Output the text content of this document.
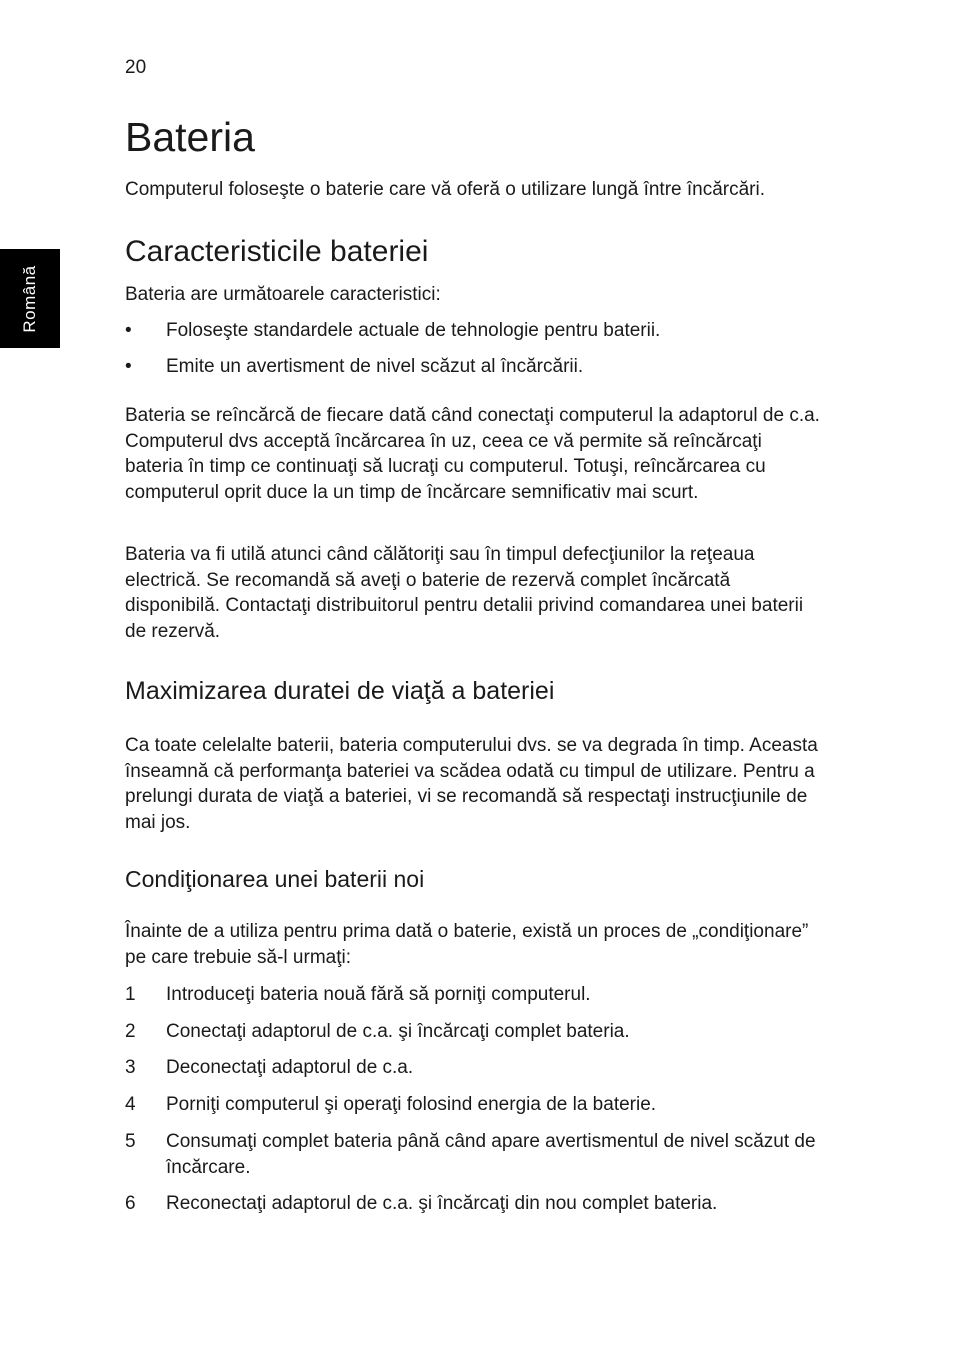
20
Română
Bateria

Computerul foloseşte o baterie care vă oferă o utilizare lungă între încărcări.

Caracteristicile bateriei

Bateria are următoarele caracteristici:

•	Foloseşte standardele actuale de tehnologie pentru baterii.
•	Emite un avertisment de nivel scăzut al încărcării.

Bateria se reîncărcă de fiecare dată când conectaţi computerul la adaptorul de c.a. Computerul dvs acceptă încărcarea în uz, ceea ce vă permite să reîncărcaţi bateria în timp ce continuaţi să lucraţi cu computerul. Totuşi, reîncărcarea cu computerul oprit duce la un timp de încărcare semnificativ mai scurt.

Bateria va fi utilă atunci când călătoriţi sau în timpul defecţiunilor la reţeaua electrică. Se recomandă să aveţi o baterie de rezervă complet încărcată disponibilă. Contactaţi distribuitorul pentru detalii privind comandarea unei baterii de rezervă.

Maximizarea duratei de viaţă a bateriei

Ca toate celelalte baterii, bateria computerului dvs. se va degrada în timp. Aceasta înseamnă că performanţa bateriei va scădea odată cu timpul de utilizare. Pentru a prelungi durata de viaţă a bateriei, vi se recomandă să respectaţi instrucţiunile de mai jos.

Condiţionarea unei baterii noi

Înainte de a utiliza pentru prima dată o baterie, există un proces de „condiţionare” pe care trebuie să-l urmaţi:

1	Introduceţi bateria nouă fără să porniţi computerul.
2	Conectaţi adaptorul de c.a. şi încărcaţi complet bateria.
3	Deconectaţi adaptorul de c.a.
4	Porniţi computerul şi operaţi folosind energia de la baterie.
5	Consumaţi complet bateria până când apare avertismentul de nivel scăzut de încărcare.
6	Reconectaţi adaptorul de c.a. şi încărcaţi din nou complet bateria.
